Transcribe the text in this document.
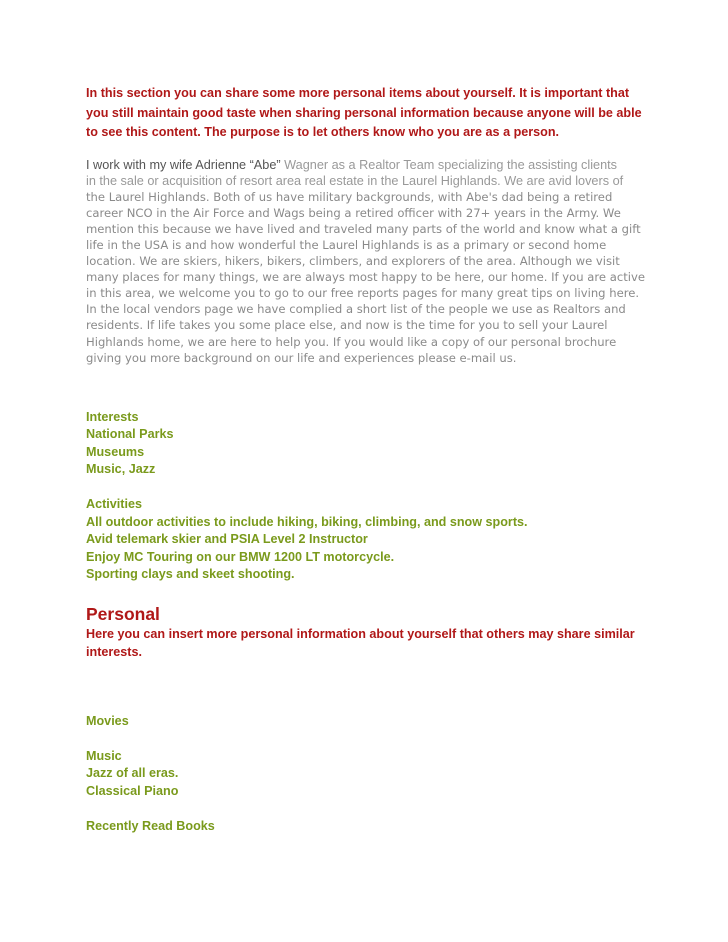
In this section you can share some more personal items about yourself. It is important that
you still maintain good taste when sharing personal information because anyone will be able
to see this content. The purpose is to let others know who you are as a person.

I work with my wife Adrienne “Abe” Wagner as a Realtor Team specializing the assisting clients
in the sale or acquisition of resort area real estate in the Laurel Highlands. We are avid lovers of
the Laurel Highlands. Both of us have military backgrounds, with Abe's dad being a retired
career NCO in the Air Force and Wags being a retired officer with 27+ years in the Army. We
mention this because we have lived and traveled many parts of the world and know what a gift
life in the USA is and how wonderful the Laurel Highlands is as a primary or second home
location. We are skiers, hikers, bikers, climbers, and explorers of the area. Although we visit
many places for many things, we are always most happy to be here, our home. If you are active
in this area, we welcome you to go to our free reports pages for many great tips on living here.
In the local vendors page we have complied a short list of the people we use as Realtors and
residents. If life takes you some place else, and now is the time for you to sell your Laurel
Highlands home, we are here to help you. If you would like a copy of our personal brochure
giving you more background on our life and experiences please e-mail us.
Interests
National Parks
Museums
Music, Jazz
Activities
All outdoor activities to include hiking, biking, climbing, and snow sports.
Avid telemark skier and PSIA Level 2 Instructor
Enjoy MC Touring on our BMW 1200 LT motorcycle.
Sporting clays and skeet shooting.
Personal

Here you can insert more personal information about yourself that others may share similar
interests.

Movies
Music
Jazz of all eras.
Classical Piano
Recently Read Books
